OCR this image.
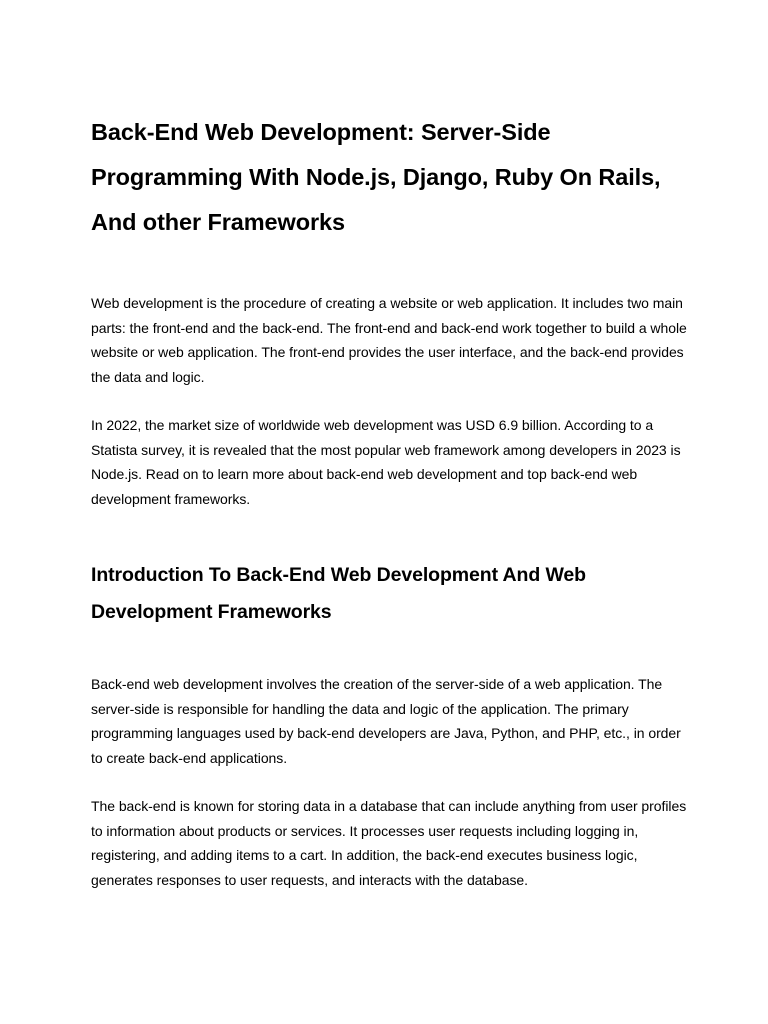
Back-End Web Development: Server-Side Programming With Node.js, Django, Ruby On Rails, And other Frameworks

Web development is the procedure of creating a website or web application. It includes two main parts: the front-end and the back-end. The front-end and back-end work together to build a whole website or web application. The front-end provides the user interface, and the back-end provides the data and logic.

In 2022, the market size of worldwide web development was USD 6.9 billion. According to a Statista survey, it is revealed that the most popular web framework among developers in 2023 is Node.js. Read on to learn more about back-end web development and top back-end web development frameworks.

Introduction To Back-End Web Development And Web Development Frameworks

Back-end web development involves the creation of the server-side of a web application. The server-side is responsible for handling the data and logic of the application. The primary programming languages used by back-end developers are Java, Python, and PHP, etc., in order to create back-end applications.

The back-end is known for storing data in a database that can include anything from user profiles to information about products or services. It processes user requests including logging in, registering, and adding items to a cart. In addition, the back-end executes business logic, generates responses to user requests, and interacts with the database.
